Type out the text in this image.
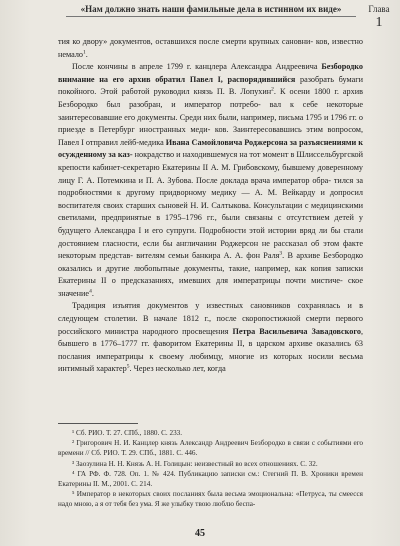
«Нам должно знать наши фамильные дела в истинном их виде»	Глава
1

тия ко двору» документов, оставшихся после смерти крупных сановни- ков, известно немало$^1$.

После кончины в апреле 1799 г. канцлера Александра Андреевича Безбородко внимание на его архив обратил Павел I, распорядившийся разобрать бумаги покойного. Этой работой руководил князь П. В. Лопухин$^2$. К осени 1800 г. архив Безбородко был разобран, и император потребо- вал к себе некоторые заинтересовавшие его документы. Среди них были, например, письма 1795 и 1796 гг. о приезде в Петербург иностранных меди- ков. Заинтересовавшись этим вопросом, Павел I отправил лейб-медика Ивана Самойловича Роджерсона за разъяснениями к осужденному за каз- нокрадство и находившемуся на тот момент в Шлиссельбургской крепости кабинет-секретарю Екатерины II А. М. Грибовскому, бывшему доверенному лицу Г. А. Потемкина и П. А. Зубова. После доклада врача император обра- тился за подробностями к другому придворному медику — А. М. Вейкарду и допросил воспитателя своих старших сыновей Н. И. Салтыкова. Консультации с медицинскими светилами, предпринятые в 1795–1796 гг., были связаны с отсутствием детей у будущего Александра I и его супруги. Подробности этой истории вряд ли бы стали достоянием гласности, если бы англичанин Роджерсон не рассказал об этом факте некоторым представ- вителям семьи банкира А. А. фон Раля$^3$. В архиве Безбородко оказались и другие любопытные документы, такие, например, как копия записки Екатерины II о предсказаниях, имевших для императрицы почти мистиче- ское значение$^4$.

Традиция изъятия документов у известных сановников сохранялась и в следующем столетии. В начале 1812 г., после скоропостижной смерти первого российского министра народного просвещения Петра Васильевича Завадовского, бывшего в 1776–1777 гг. фаворитом Екатерины II, в царском архиве оказались 63 послания императрицы к своему любимцу, многие из которых носили весьма интимный характер$^5$. Через несколько лет, когда

¹ Сб. РИО. Т. 27. СПб., 1880. С. 233.

² Григорович Н. И. Канцлер князь Александр Андреевич Безбородко в связи с событиями его времени // Сб. РИО. Т. 29. СПб., 1881. С. 446.

³ Заозулина Н. Н. Князь А. Н. Голицын: неизвестный во всех отношениях. С. 32.

⁴ ГА РФ. Ф. 728. Оп. 1. № 424. Публикацию записки см.: Стегний П. В. Хроники времен Екатерины II. М., 2001. С. 214.

⁵ Император в некоторых своих посланиях была весьма эмоциональна: «Петруса, ты смеесся надо мною, а я от тебя без ума. Я же улыбку твою люблю беспа-

45
